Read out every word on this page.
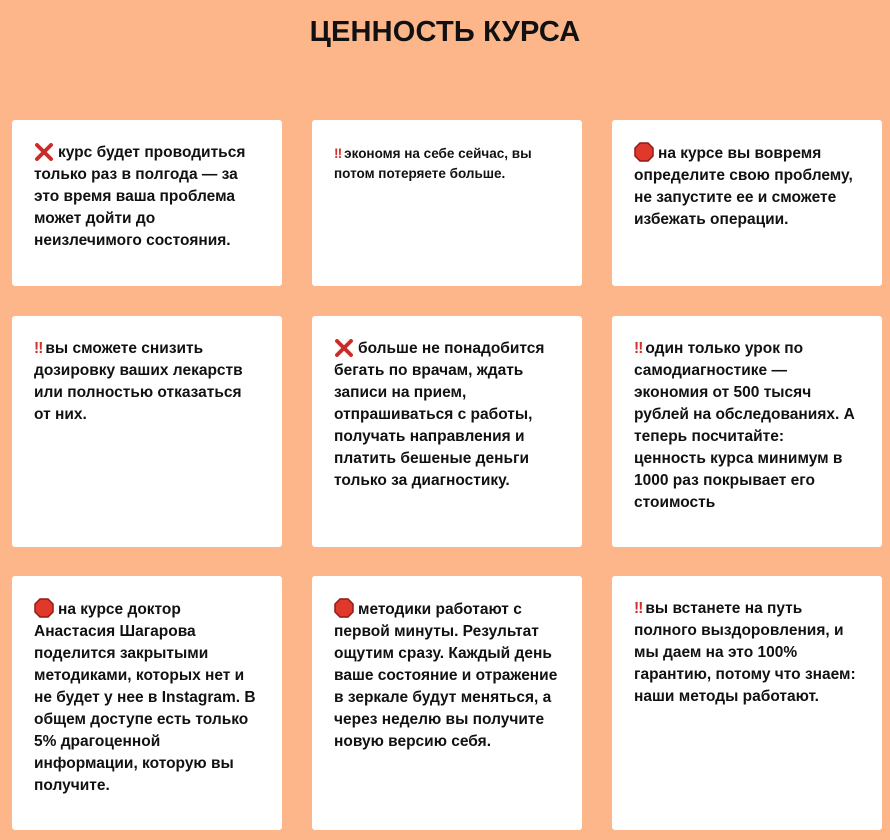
ЦЕННОСТЬ КУРСА
курс будет проводиться только раз в полгода — за это время ваша проблема может дойти до неизлечимого состояния.
‼ экономя на себе сейчас, вы потом потеряете больше.
на курсе вы вовремя определите свою проблему, не запустите ее и сможете избежать операции.
‼ вы сможете снизить дозировку ваших лекарств или полностью отказаться от них.
больше не понадобится бегать по врачам, ждать записи на прием, отпрашиваться с работы, получать направления и платить бешеные деньги только за диагностику.
‼ один только урок по самодиагностике — экономия от 500 тысяч рублей на обследованиях. А теперь посчитайте: ценность курса минимум в 1000 раз покрывает его стоимость
на курсе доктор Анастасия Шагарова поделится закрытыми методиками, которых нет и не будет у нее в Instagram. В общем доступе есть только 5% драгоценной информации, которую вы получите.
методики работают с первой минуты. Результат ощутим сразу. Каждый день ваше состояние и отражение в зеркале будут меняться, а через неделю вы получите новую версию себя.
‼ вы встанете на путь полного выздоровления, и мы даем на это 100% гарантию, потому что знаем: наши методы работают.
